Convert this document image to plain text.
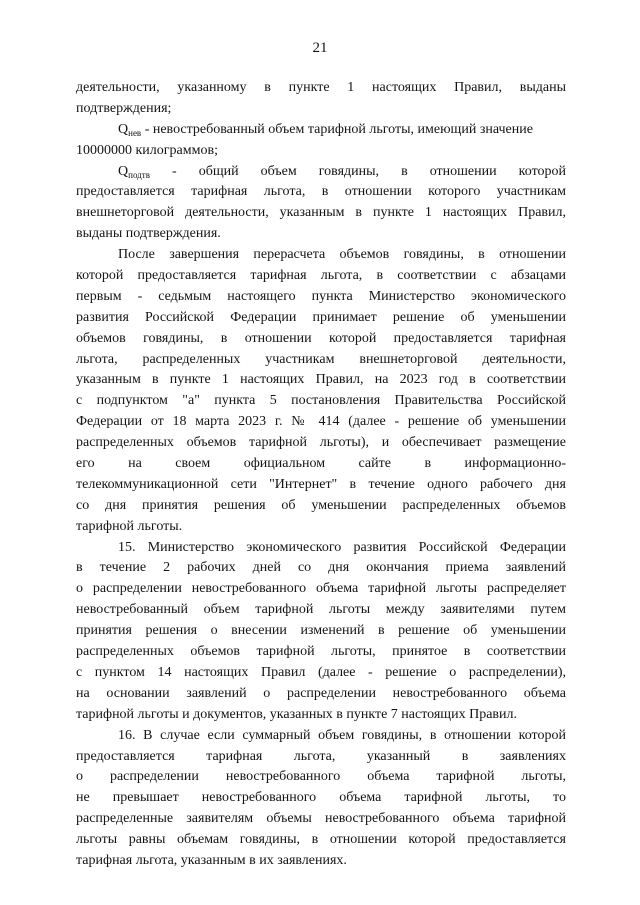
21
деятельности, указанному в пункте 1 настоящих Правил, выданы
подтверждения;
$Q_{нев}$ - невостребованный объем тарифной льготы, имеющий значение
10000000 килограммов;
$Q_{подтв}$ - общий объем говядины, в отношении которой
предоставляется тарифная льгота, в отношении которого участникам
внешнеторговой деятельности, указанным в пункте 1 настоящих Правил,
выданы подтверждения.
После завершения перерасчета объемов говядины, в отношении
которой предоставляется тарифная льгота, в соответствии с абзацами
первым - седьмым настоящего пункта Министерство экономического
развития Российской Федерации принимает решение об уменьшении
объемов говядины, в отношении которой предоставляется тарифная
льгота, распределенных участникам внешнеторговой деятельности,
указанным в пункте 1 настоящих Правил, на 2023 год в соответствии
с подпунктом "а" пункта 5 постановления Правительства Российской
Федерации от 18 марта 2023 г. № 414 (далее - решение об уменьшении
распределенных объемов тарифной льготы), и обеспечивает размещение
его на своем официальном сайте в информационно-
телекоммуникационной сети "Интернет" в течение одного рабочего дня
со дня принятия решения об уменьшении распределенных объемов
тарифной льготы.
15. Министерство экономического развития Российской Федерации
в течение 2 рабочих дней со дня окончания приема заявлений
о распределении невостребованного объема тарифной льготы распределяет
невостребованный объем тарифной льготы между заявителями путем
принятия решения о внесении изменений в решение об уменьшении
распределенных объемов тарифной льготы, принятое в соответствии
с пунктом 14 настоящих Правил (далее - решение о распределении),
на основании заявлений о распределении невостребованного объема
тарифной льготы и документов, указанных в пункте 7 настоящих Правил.
16. В случае если суммарный объем говядины, в отношении которой
предоставляется тарифная льгота, указанный в заявлениях
о распределении невостребованного объема тарифной льготы,
не превышает невостребованного объема тарифной льготы, то
распределенные заявителям объемы невостребованного объема тарифной
льготы равны объемам говядины, в отношении которой предоставляется
тарифная льгота, указанным в их заявлениях.
